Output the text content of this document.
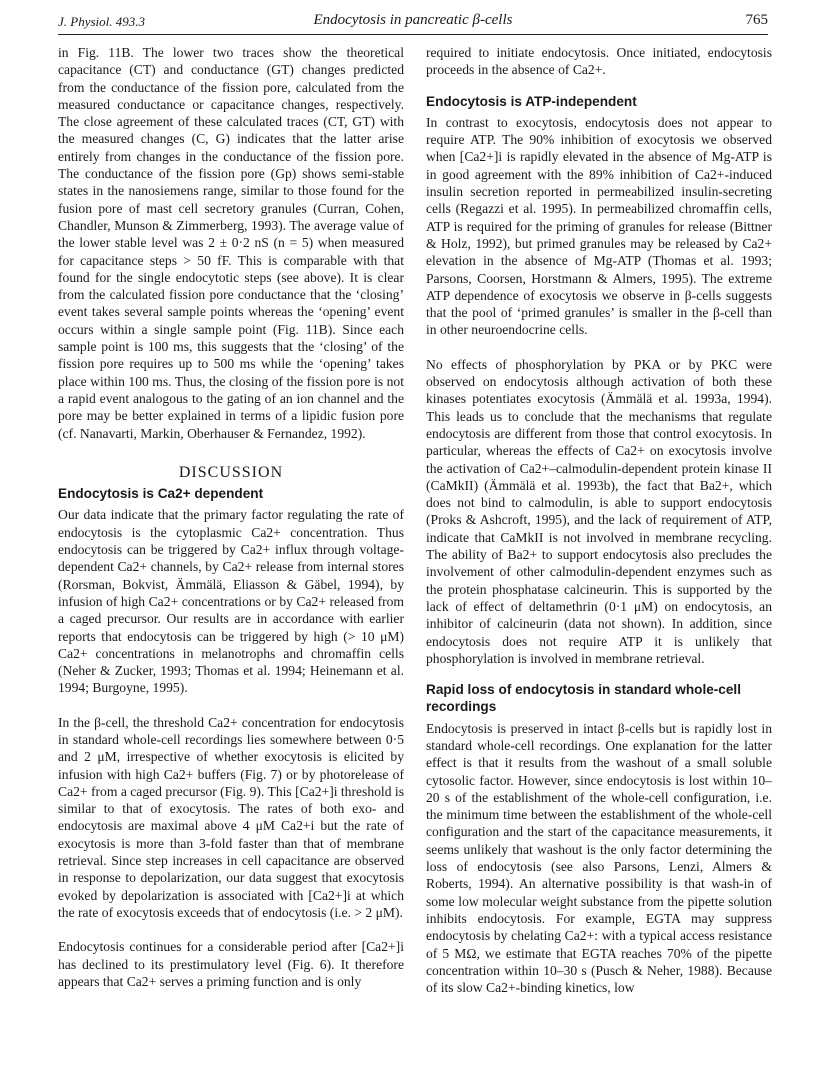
J. Physiol. 493.3	Endocytosis in pancreatic β-cells	765

in Fig. 11B. The lower two traces show the theoretical capacitance (CT) and conductance (GT) changes predicted from the conductance of the fission pore, calculated from the measured conductance or capacitance changes, respectively. The close agreement of these calculated traces (CT, GT) with the measured changes (C, G) indicates that the latter arise entirely from changes in the conductance of the fission pore. The conductance of the fission pore (Gp) shows semi-stable states in the nanosiemens range, similar to those found for the fusion pore of mast cell secretory granules (Curran, Cohen, Chandler, Munson & Zimmerberg, 1993). The average value of the lower stable level was 2 ± 0·2 nS (n = 5) when measured for capacitance steps > 50 fF. This is comparable with that found for the single endocytotic steps (see above). It is clear from the calculated fission pore conductance that the ‘closing’ event takes several sample points whereas the ‘opening’ event occurs within a single sample point (Fig. 11B). Since each sample point is 100 ms, this suggests that the ‘closing’ of the fission pore requires up to 500 ms while the ‘opening’ takes place within 100 ms. Thus, the closing of the fission pore is not a rapid event analogous to the gating of an ion channel and the pore may be better explained in terms of a lipidic fusion pore (cf. Nanavarti, Markin, Oberhauser & Fernandez, 1992).

DISCUSSION
Endocytosis is Ca2+ dependent

Our data indicate that the primary factor regulating the rate of endocytosis is the cytoplasmic Ca2+ concentration. Thus endocytosis can be triggered by Ca2+ influx through voltage-dependent Ca2+ channels, by Ca2+ release from internal stores (Rorsman, Bokvist, Ämmälä, Eliasson & Gäbel, 1994), by infusion of high Ca2+ concentrations or by Ca2+ released from a caged precursor. Our results are in accordance with earlier reports that endocytosis can be triggered by high (> 10 μM) Ca2+ concentrations in melanotrophs and chromaffin cells (Neher & Zucker, 1993; Thomas et al. 1994; Heinemann et al. 1994; Burgoyne, 1995).

In the β-cell, the threshold Ca2+ concentration for endocytosis in standard whole-cell recordings lies somewhere between 0·5 and 2 μM, irrespective of whether exocytosis is elicited by infusion with high Ca2+ buffers (Fig. 7) or by photorelease of Ca2+ from a caged precursor (Fig. 9). This [Ca2+]i threshold is similar to that of exocytosis. The rates of both exo- and endocytosis are maximal above 4 μM Ca2+i but the rate of exocytosis is more than 3-fold faster than that of membrane retrieval. Since step increases in cell capacitance are observed in response to depolarization, our data suggest that exocytosis evoked by depolarization is associated with [Ca2+]i at which the rate of exocytosis exceeds that of endocytosis (i.e. > 2 μM).

Endocytosis continues for a considerable period after [Ca2+]i has declined to its prestimulatory level (Fig. 6). It therefore appears that Ca2+ serves a priming function and is only

required to initiate endocytosis. Once initiated, endocytosis proceeds in the absence of Ca2+.

Endocytosis is ATP-independent

In contrast to exocytosis, endocytosis does not appear to require ATP. The 90% inhibition of exocytosis we observed when [Ca2+]i is rapidly elevated in the absence of Mg-ATP is in good agreement with the 89% inhibition of Ca2+-induced insulin secretion reported in permeabilized insulin-secreting cells (Regazzi et al. 1995). In permeabilized chromaffin cells, ATP is required for the priming of granules for release (Bittner & Holz, 1992), but primed granules may be released by Ca2+ elevation in the absence of Mg-ATP (Thomas et al. 1993; Parsons, Coorsen, Horstmann & Almers, 1995). The extreme ATP dependence of exocytosis we observe in β-cells suggests that the pool of ‘primed granules’ is smaller in the β-cell than in other neuroendocrine cells.

No effects of phosphorylation by PKA or by PKC were observed on endocytosis although activation of both these kinases potentiates exocytosis (Ämmälä et al. 1993a, 1994). This leads us to conclude that the mechanisms that regulate endocytosis are different from those that control exocytosis. In particular, whereas the effects of Ca2+ on exocytosis involve the activation of Ca2+–calmodulin-dependent protein kinase II (CaMkII) (Ämmälä et al. 1993b), the fact that Ba2+, which does not bind to calmodulin, is able to support endocytosis (Proks & Ashcroft, 1995), and the lack of requirement of ATP, indicate that CaMkII is not involved in membrane recycling. The ability of Ba2+ to support endocytosis also precludes the involvement of other calmodulin-dependent enzymes such as the protein phosphatase calcineurin. This is supported by the lack of effect of deltamethrin (0·1 μM) on endocytosis, an inhibitor of calcineurin (data not shown). In addition, since endocytosis does not require ATP it is unlikely that phosphorylation is involved in membrane retrieval.

Rapid loss of endocytosis in standard whole-cell recordings

Endocytosis is preserved in intact β-cells but is rapidly lost in standard whole-cell recordings. One explanation for the latter effect is that it results from the washout of a small soluble cytosolic factor. However, since endocytosis is lost within 10–20 s of the establishment of the whole-cell configuration, i.e. the minimum time between the establishment of the whole-cell configuration and the start of the capacitance measurements, it seems unlikely that washout is the only factor determining the loss of endocytosis (see also Parsons, Lenzi, Almers & Roberts, 1994). An alternative possibility is that wash-in of some low molecular weight substance from the pipette solution inhibits endocytosis. For example, EGTA may suppress endocytosis by chelating Ca2+: with a typical access resistance of 5 MΩ, we estimate that EGTA reaches 70% of the pipette concentration within 10–30 s (Pusch & Neher, 1988). Because of its slow Ca2+-binding kinetics, low
